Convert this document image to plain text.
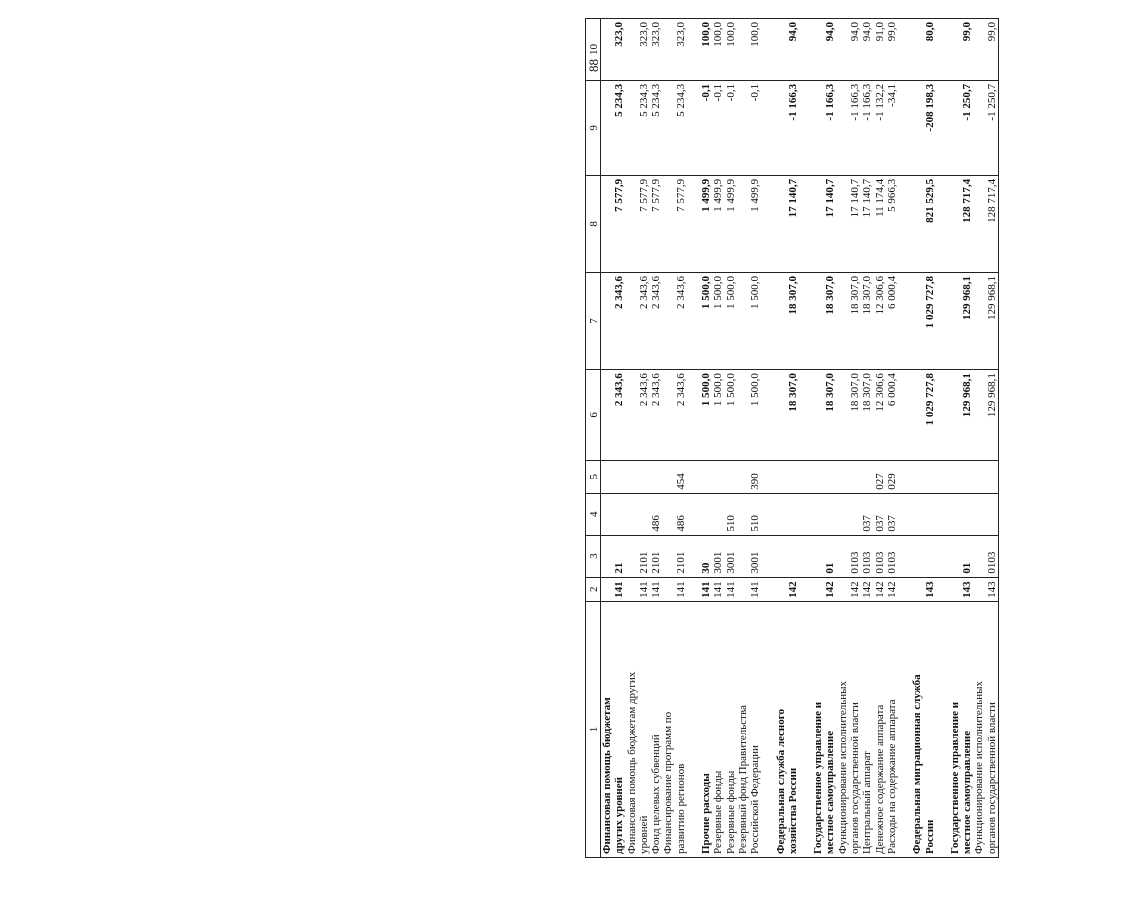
88
1	2	3	4	5	6	7	8	9	10
Финансовая помощь бюджетам									
других уровней	141	21			2 343,6	2 343,6	7 577,9	5 234,3	323,0
Финансовая помощь бюджетам других									
уровней	141	2101			2 343,6	2 343,6	7 577,9	5 234,3	323,0
Фонд целевых субвенций	141	2101	486		2 343,6	2 343,6	7 577,9	5 234,3	323,0
Финансирование программ по									
развитию регионов	141	2101	486	454	2 343,6	2 343,6	7 577,9	5 234,3	323,0

Прочие расходы	141	30			1 500,0	1 500,0	1 499,9	-0,1	100,0
Резервные фонды	141	3001			1 500,0	1 500,0	1 499,9	-0,1	100,0
Резервные фонды	141	3001	510		1 500,0	1 500,0	1 499,9	-0,1	100,0
Резервный фонд Правительства									
Российской Федерации	141	3001	510	390	1 500,0	1 500,0	1 499,9	-0,1	100,0

Федеральная служба лесного									
хозяйства России	142				18 307,0	18 307,0	17 140,7	-1 166,3	94,0

Государственное управление и									
местное самоуправление	142	01			18 307,0	18 307,0	17 140,7	-1 166,3	94,0
Функционирование исполнительных									
органов государственной власти	142	0103			18 307,0	18 307,0	17 140,7	-1 166,3	94,0
Центральный аппарат	142	0103	037		18 307,0	18 307,0	17 140,7	-1 166,3	94,0
Денежное содержание аппарата	142	0103	037	027	12 306,6	12 306,6	11 174,4	-1 132,2	91,0
Расходы на содержание аппарата	142	0103	037	029	6 000,4	6 000,4	5 966,3	-34,1	99,0

Федеральная миграционная служба									
России	143				1 029 727,8	1 029 727,8	821 529,5	-208 198,3	80,0

Государственное управление и									
местное самоуправление	143	01			129 968,1	129 968,1	128 717,4	-1 250,7	99,0
Функционирование исполнительных									
органов государственной власти	143	0103			129 968,1	129 968,1	128 717,4	-1 250,7	99,0
